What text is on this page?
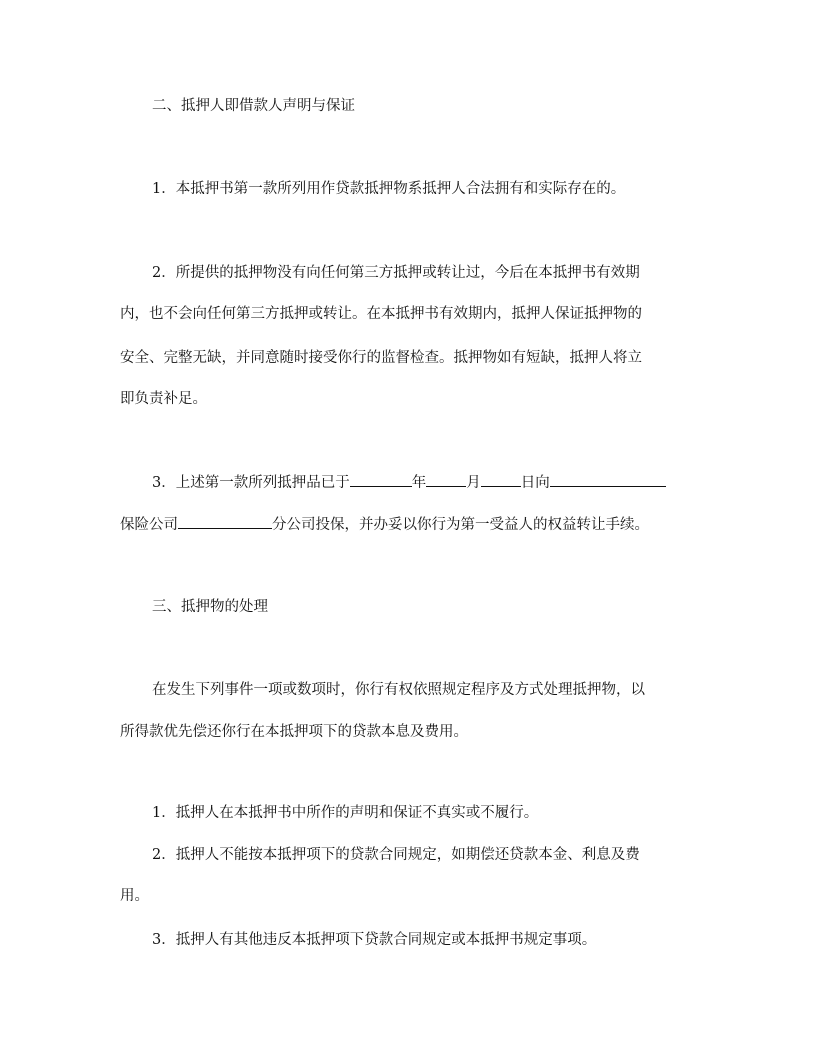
二、抵押人即借款人声明与保证
1．本抵押书第一款所列用作贷款抵押物系抵押人合法拥有和实际存在的。
2．所提供的抵押物没有向任何第三方抵押或转让过，今后在本抵押书有效期
内，也不会向任何第三方抵押或转让。在本抵押书有效期内，抵押人保证抵押物的
安全、完整无缺，并同意随时接受你行的监督检查。抵押物如有短缺，抵押人将立
即负责补足。
3．上述第一款所列抵押品已于	年	月	日向
保险公司	分公司投保，并办妥以你行为第一受益人的权益转让手续。
三、抵押物的处理
在发生下列事件一项或数项时，你行有权依照规定程序及方式处理抵押物，以
所得款优先偿还你行在本抵押项下的贷款本息及费用。
1．抵押人在本抵押书中所作的声明和保证不真实或不履行。
2．抵押人不能按本抵押项下的贷款合同规定，如期偿还贷款本金、利息及费
用。
3．抵押人有其他违反本抵押项下贷款合同规定或本抵押书规定事项。
